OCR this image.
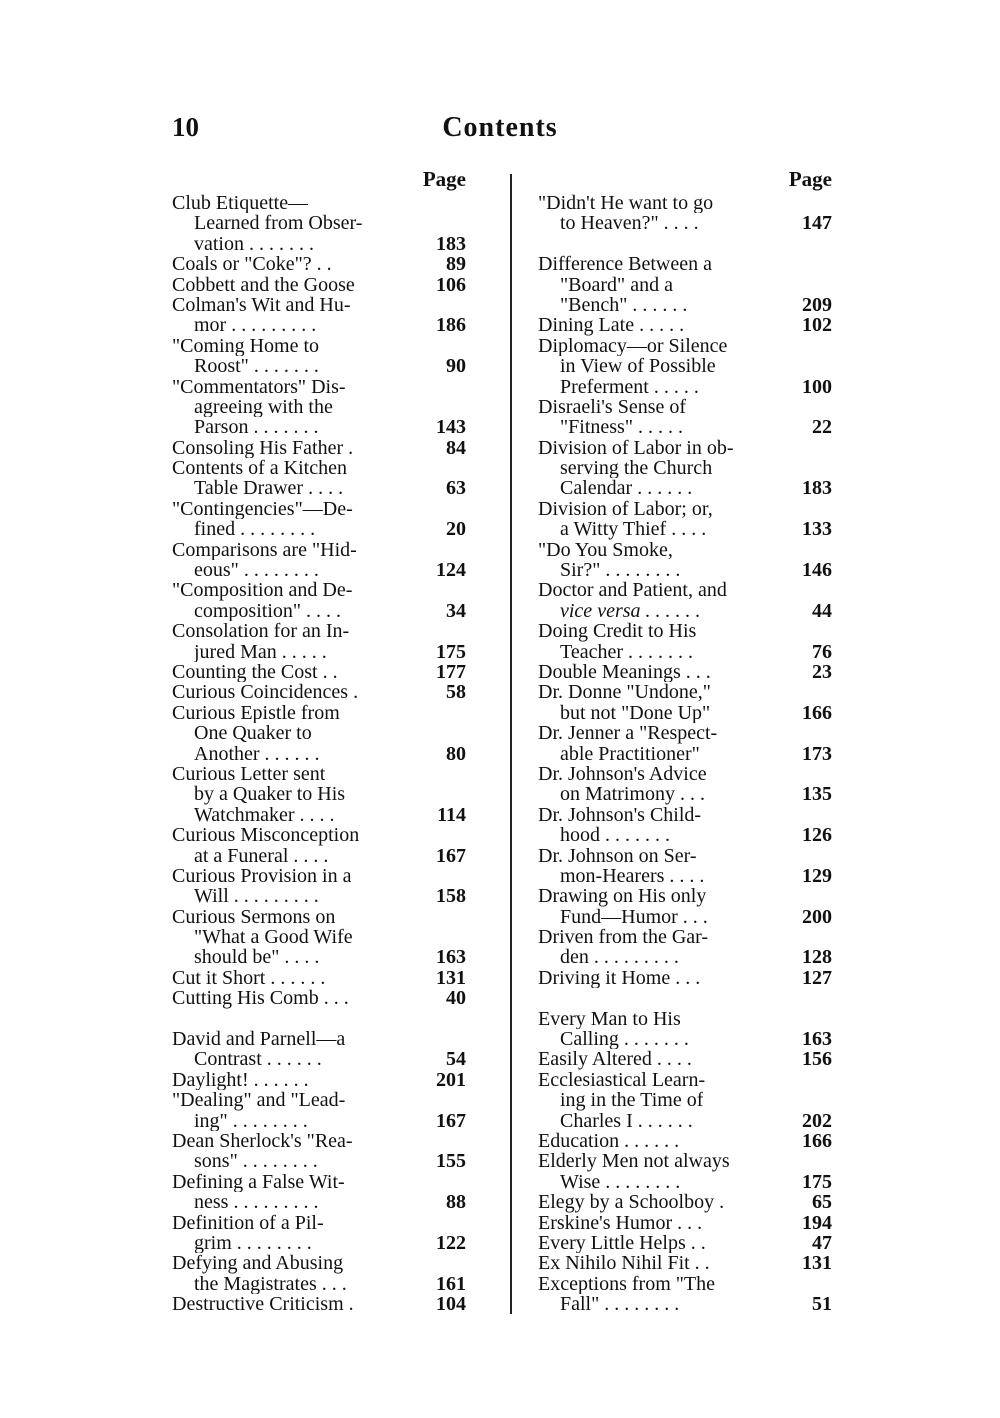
10	Contents
Page
Club Etiquette—
Learned from Obser-
vation . . . . . . .	183
Coals or "Coke"? . .	89
Cobbett and the Goose	106
Colman's Wit and Hu-
mor . . . . . . . . .	186
"Coming Home to
Roost" . . . . . . .	90
"Commentators" Dis-
agreeing with the
Parson . . . . . . .	143
Consoling His Father .	84
Contents of a Kitchen
Table Drawer . . . .	63
"Contingencies"—De-
fined . . . . . . . .	20
Comparisons are "Hid-
eous" . . . . . . . .	124
"Composition and De-
composition" . . . .	34
Consolation for an In-
jured Man . . . . .	175
Counting the Cost . .	177
Curious Coincidences .	58
Curious Epistle from
One Quaker to
Another . . . . . .	80
Curious Letter sent
by a Quaker to His
Watchmaker . . . .	114
Curious Misconception
at a Funeral . . . .	167
Curious Provision in a
Will . . . . . . . . .	158
Curious Sermons on
"What a Good Wife
should be" . . . .	163
Cut it Short . . . . . .	131
Cutting His Comb . . .	40
David and Parnell—a
Contrast . . . . . .	54
Daylight! . . . . . .	201
"Dealing" and "Lead-
ing" . . . . . . . .	167
Dean Sherlock's "Rea-
sons" . . . . . . . .	155
Defining a False Wit-
ness . . . . . . . . .	88
Definition of a Pil-
grim . . . . . . . .	122
Defying and Abusing
the Magistrates . . .	161
Destructive Criticism .	104
Page
"Didn't He want to go
to Heaven?" . . . .	147
Difference Between a
"Board" and a
"Bench" . . . . . .	209
Dining Late . . . . .	102
Diplomacy—or Silence
in View of Possible
Preferment . . . . .	100
Disraeli's Sense of
"Fitness" . . . . .	22
Division of Labor in ob-
serving the Church
Calendar . . . . . .	183
Division of Labor; or,
a Witty Thief . . . .	133
"Do You Smoke,
Sir?" . . . . . . . .	146
Doctor and Patient, and
vice versa . . . . . .	44
Doing Credit to His
Teacher . . . . . . .	76
Double Meanings . . .	23
Dr. Donne "Undone,"
but not "Done Up"	166
Dr. Jenner a "Respect-
able Practitioner"	173
Dr. Johnson's Advice
on Matrimony . . .	135
Dr. Johnson's Child-
hood . . . . . . .	126
Dr. Johnson on Ser-
mon-Hearers . . . .	129
Drawing on His only
Fund—Humor . . .	200
Driven from the Gar-
den . . . . . . . . .	128
Driving it Home . . .	127
Every Man to His
Calling . . . . . . .	163
Easily Altered . . . .	156
Ecclesiastical Learn-
ing in the Time of
Charles I . . . . . .	202
Education . . . . . .	166
Elderly Men not always
Wise . . . . . . . .	175
Elegy by a Schoolboy .	65
Erskine's Humor . . .	194
Every Little Helps . .	47
Ex Nihilo Nihil Fit . .	131
Exceptions from "The
Fall" . . . . . . . .	51
